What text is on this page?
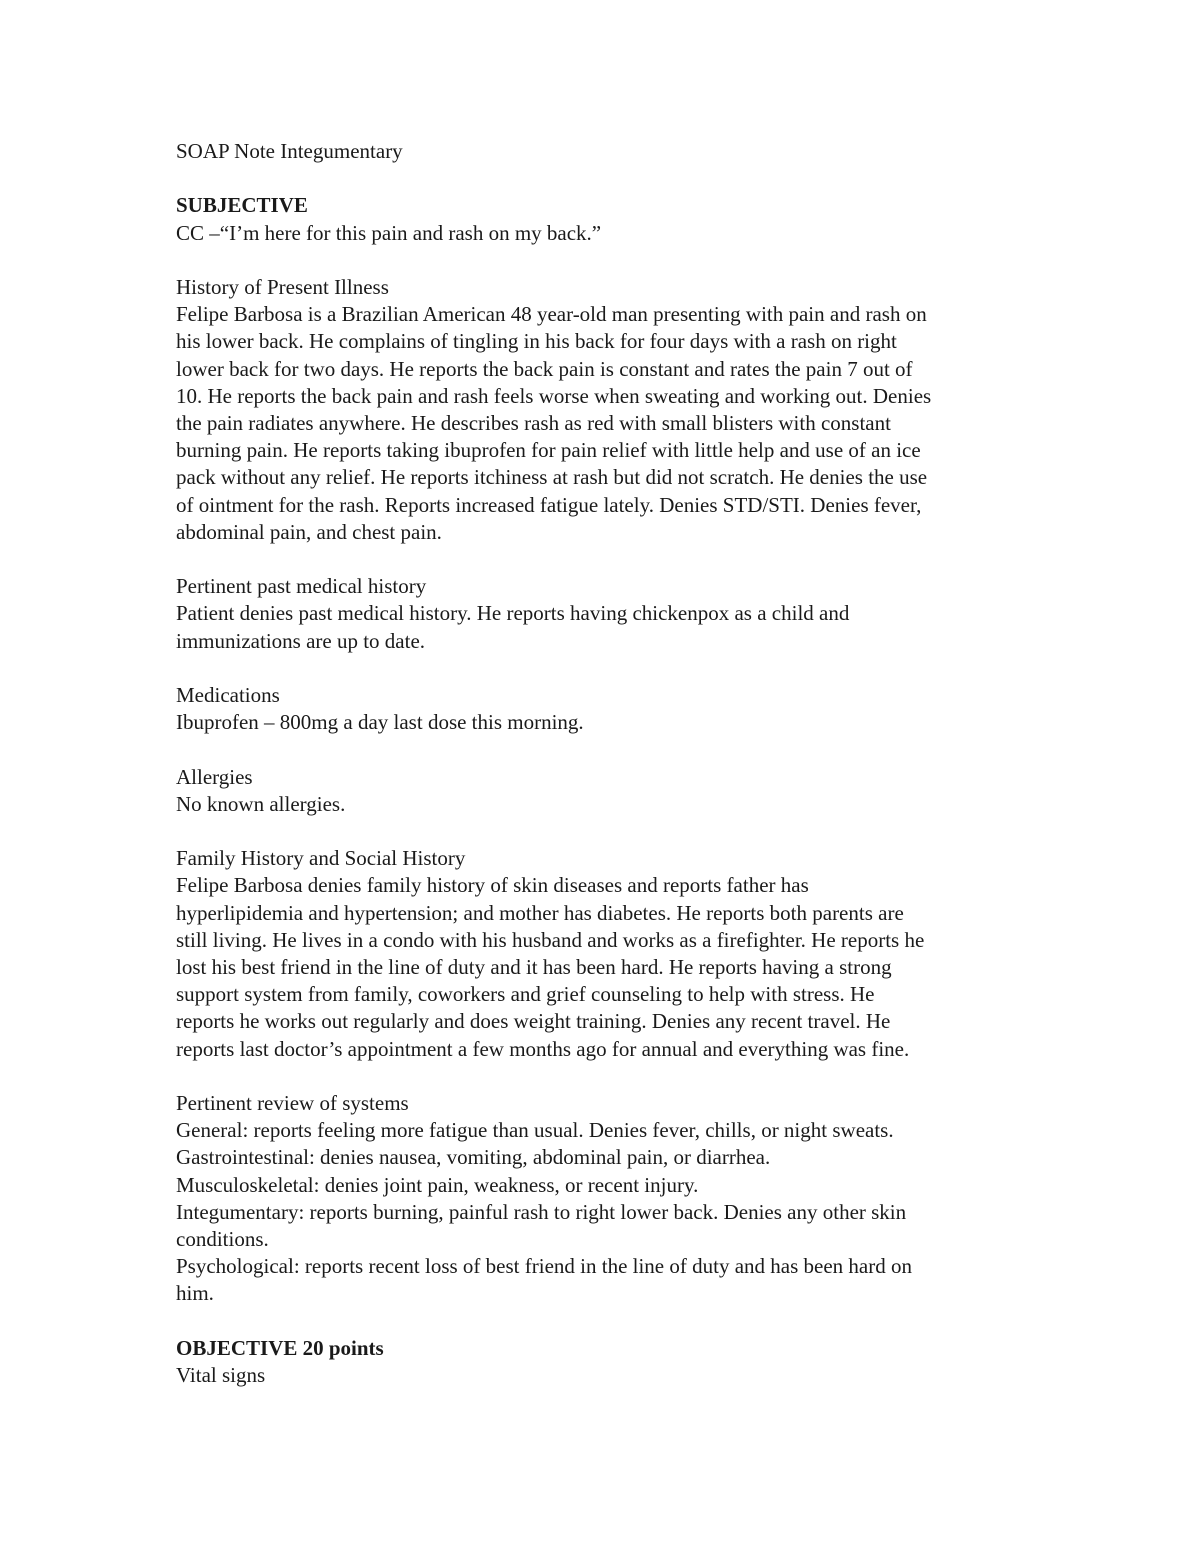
SOAP Note Integumentary
SUBJECTIVE
CC –“I’m here for this pain and rash on my back.”
History of Present Illness
Felipe Barbosa is a Brazilian American 48 year-old man presenting with pain and rash on
his lower back. He complains of tingling in his back for four days with a rash on right
lower back for two days. He reports the back pain is constant and rates the pain 7 out of
10. He reports the back pain and rash feels worse when sweating and working out. Denies
the pain radiates anywhere. He describes rash as red with small blisters with constant
burning pain. He reports taking ibuprofen for pain relief with little help and use of an ice
pack without any relief. He reports itchiness at rash but did not scratch. He denies the use
of ointment for the rash. Reports increased fatigue lately. Denies STD/STI. Denies fever,
abdominal pain, and chest pain.
Pertinent past medical history
Patient denies past medical history. He reports having chickenpox as a child and
immunizations are up to date.
Medications
Ibuprofen – 800mg a day last dose this morning.
Allergies
No known allergies.
Family History and Social History
Felipe Barbosa denies family history of skin diseases and reports father has
hyperlipidemia and hypertension; and mother has diabetes. He reports both parents are
still living. He lives in a condo with his husband and works as a firefighter. He reports he
lost his best friend in the line of duty and it has been hard. He reports having a strong
support system from family, coworkers and grief counseling to help with stress. He
reports he works out regularly and does weight training. Denies any recent travel. He
reports last doctor’s appointment a few months ago for annual and everything was fine.
Pertinent review of systems
General: reports feeling more fatigue than usual. Denies fever, chills, or night sweats.
Gastrointestinal: denies nausea, vomiting, abdominal pain, or diarrhea.
Musculoskeletal: denies joint pain, weakness, or recent injury.
Integumentary: reports burning, painful rash to right lower back. Denies any other skin
conditions.
Psychological: reports recent loss of best friend in the line of duty and has been hard on
him.
OBJECTIVE 20 points
Vital signs
